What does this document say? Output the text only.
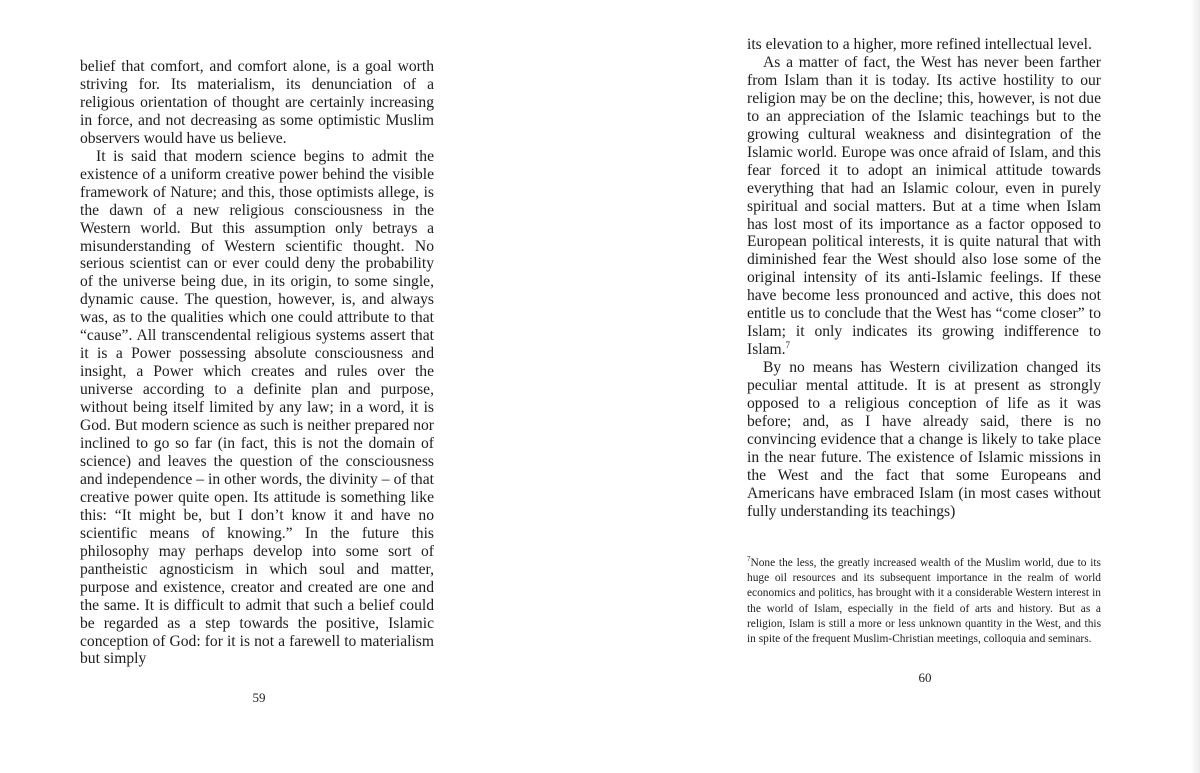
belief that comfort, and comfort alone, is a goal worth striving for. Its materialism, its denunciation of a religious orientation of thought are certainly increasing in force, and not decreasing as some optimistic Muslim observers would have us believe.

It is said that modern science begins to admit the existence of a uniform creative power behind the visible framework of Nature; and this, those optimists allege, is the dawn of a new religious consciousness in the Western world. But this assumption only betrays a misunderstanding of Western scientific thought. No serious scientist can or ever could deny the probability of the universe being due, in its origin, to some single, dynamic cause. The question, however, is, and always was, as to the qualities which one could attribute to that “cause”. All transcendental religious systems assert that it is a Power possessing absolute consciousness and insight, a Power which creates and rules over the universe according to a definite plan and purpose, without being itself limited by any law; in a word, it is God. But modern science as such is neither prepared nor inclined to go so far (in fact, this is not the domain of science) and leaves the question of the consciousness and independence – in other words, the divinity – of that creative power quite open. Its attitude is something like this: “It might be, but I don’t know it and have no scientific means of knowing.” In the future this philosophy may perhaps develop into some sort of pantheistic agnosticism in which soul and matter, purpose and existence, creator and created are one and the same. It is difficult to admit that such a belief could be regarded as a step towards the positive, Islamic conception of God: for it is not a farewell to materialism but simply

59

its elevation to a higher, more refined intellectual level.

As a matter of fact, the West has never been farther from Islam than it is today. Its active hostility to our religion may be on the decline; this, however, is not due to an appreciation of the Islamic teachings but to the growing cultural weakness and disintegration of the Islamic world. Europe was once afraid of Islam, and this fear forced it to adopt an inimical attitude towards everything that had an Islamic colour, even in purely spiritual and social matters. But at a time when Islam has lost most of its importance as a factor opposed to European political interests, it is quite natural that with diminished fear the West should also lose some of the original intensity of its anti-Islamic feelings. If these have become less pronounced and active, this does not entitle us to conclude that the West has “come closer” to Islam; it only indicates its growing indifference to Islam.$^7$

By no means has Western civilization changed its peculiar mental attitude. It is at present as strongly opposed to a religious conception of life as it was before; and, as I have already said, there is no convincing evidence that a change is likely to take place in the near future. The existence of Islamic missions in the West and the fact that some Europeans and Americans have embraced Islam (in most cases without fully understanding its teachings)

$^7$None the less, the greatly increased wealth of the Muslim world, due to its huge oil resources and its subsequent importance in the realm of world economics and politics, has brought with it a considerable Western interest in the world of Islam, especially in the field of arts and history. But as a religion, Islam is still a more or less unknown quantity in the West, and this in spite of the frequent Muslim-Christian meetings, colloquia and seminars.

60
